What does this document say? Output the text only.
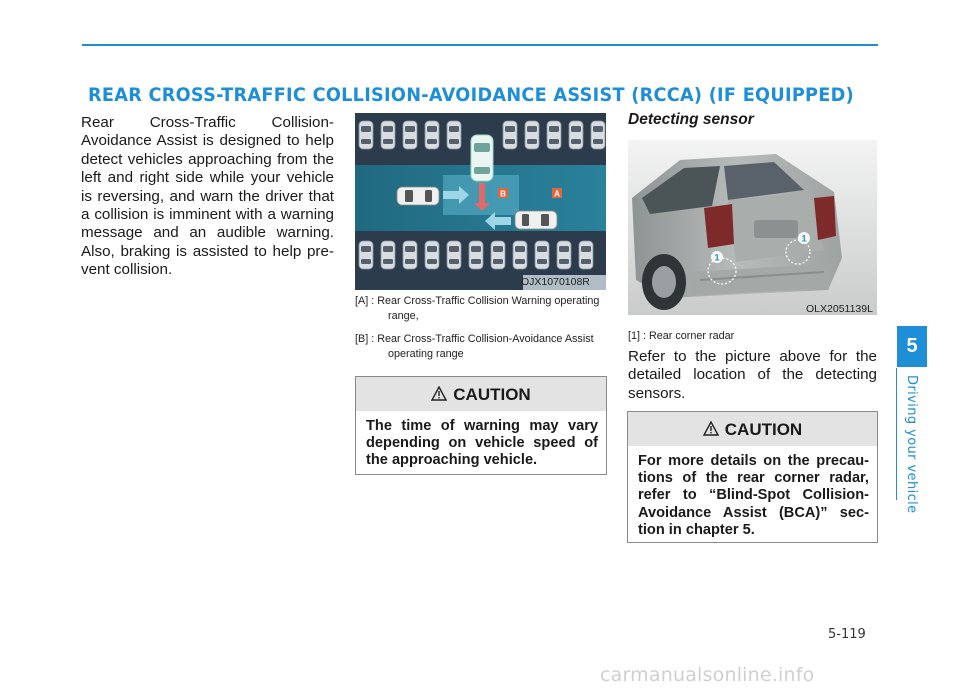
REAR CROSS-TRAFFIC COLLISION-AVOIDANCE ASSIST (RCCA) (IF EQUIPPED)
Rear Cross-Traffic Collision-Avoidance Assist is designed to help detect vehicles approaching from the left and right side while your vehicle is reversing, and warn the driver that a collision is imminent with a warning message and an audible warning. Also, braking is assisted to help pre-vent collision.
B	A
OJX1070108R
[A] : Rear Cross-Traffic Collision Warning operating
range,
[B] : Rear Cross-Traffic Collision-Avoidance Assist
operating range
CAUTION
The time of warning may vary depending on vehicle speed of the approaching vehicle.
Detecting sensor
1
1
OLX2051139L
[1] : Rear corner radar
Refer to the picture above for the detailed location of the detecting sensors.
CAUTION
For more details on the precau-tions of the rear corner radar, refer to “Blind-Spot Collision-Avoidance Assist (BCA)” sec-tion in chapter 5.
5
Driving your vehicle
5-119
carmanualsonline.info
